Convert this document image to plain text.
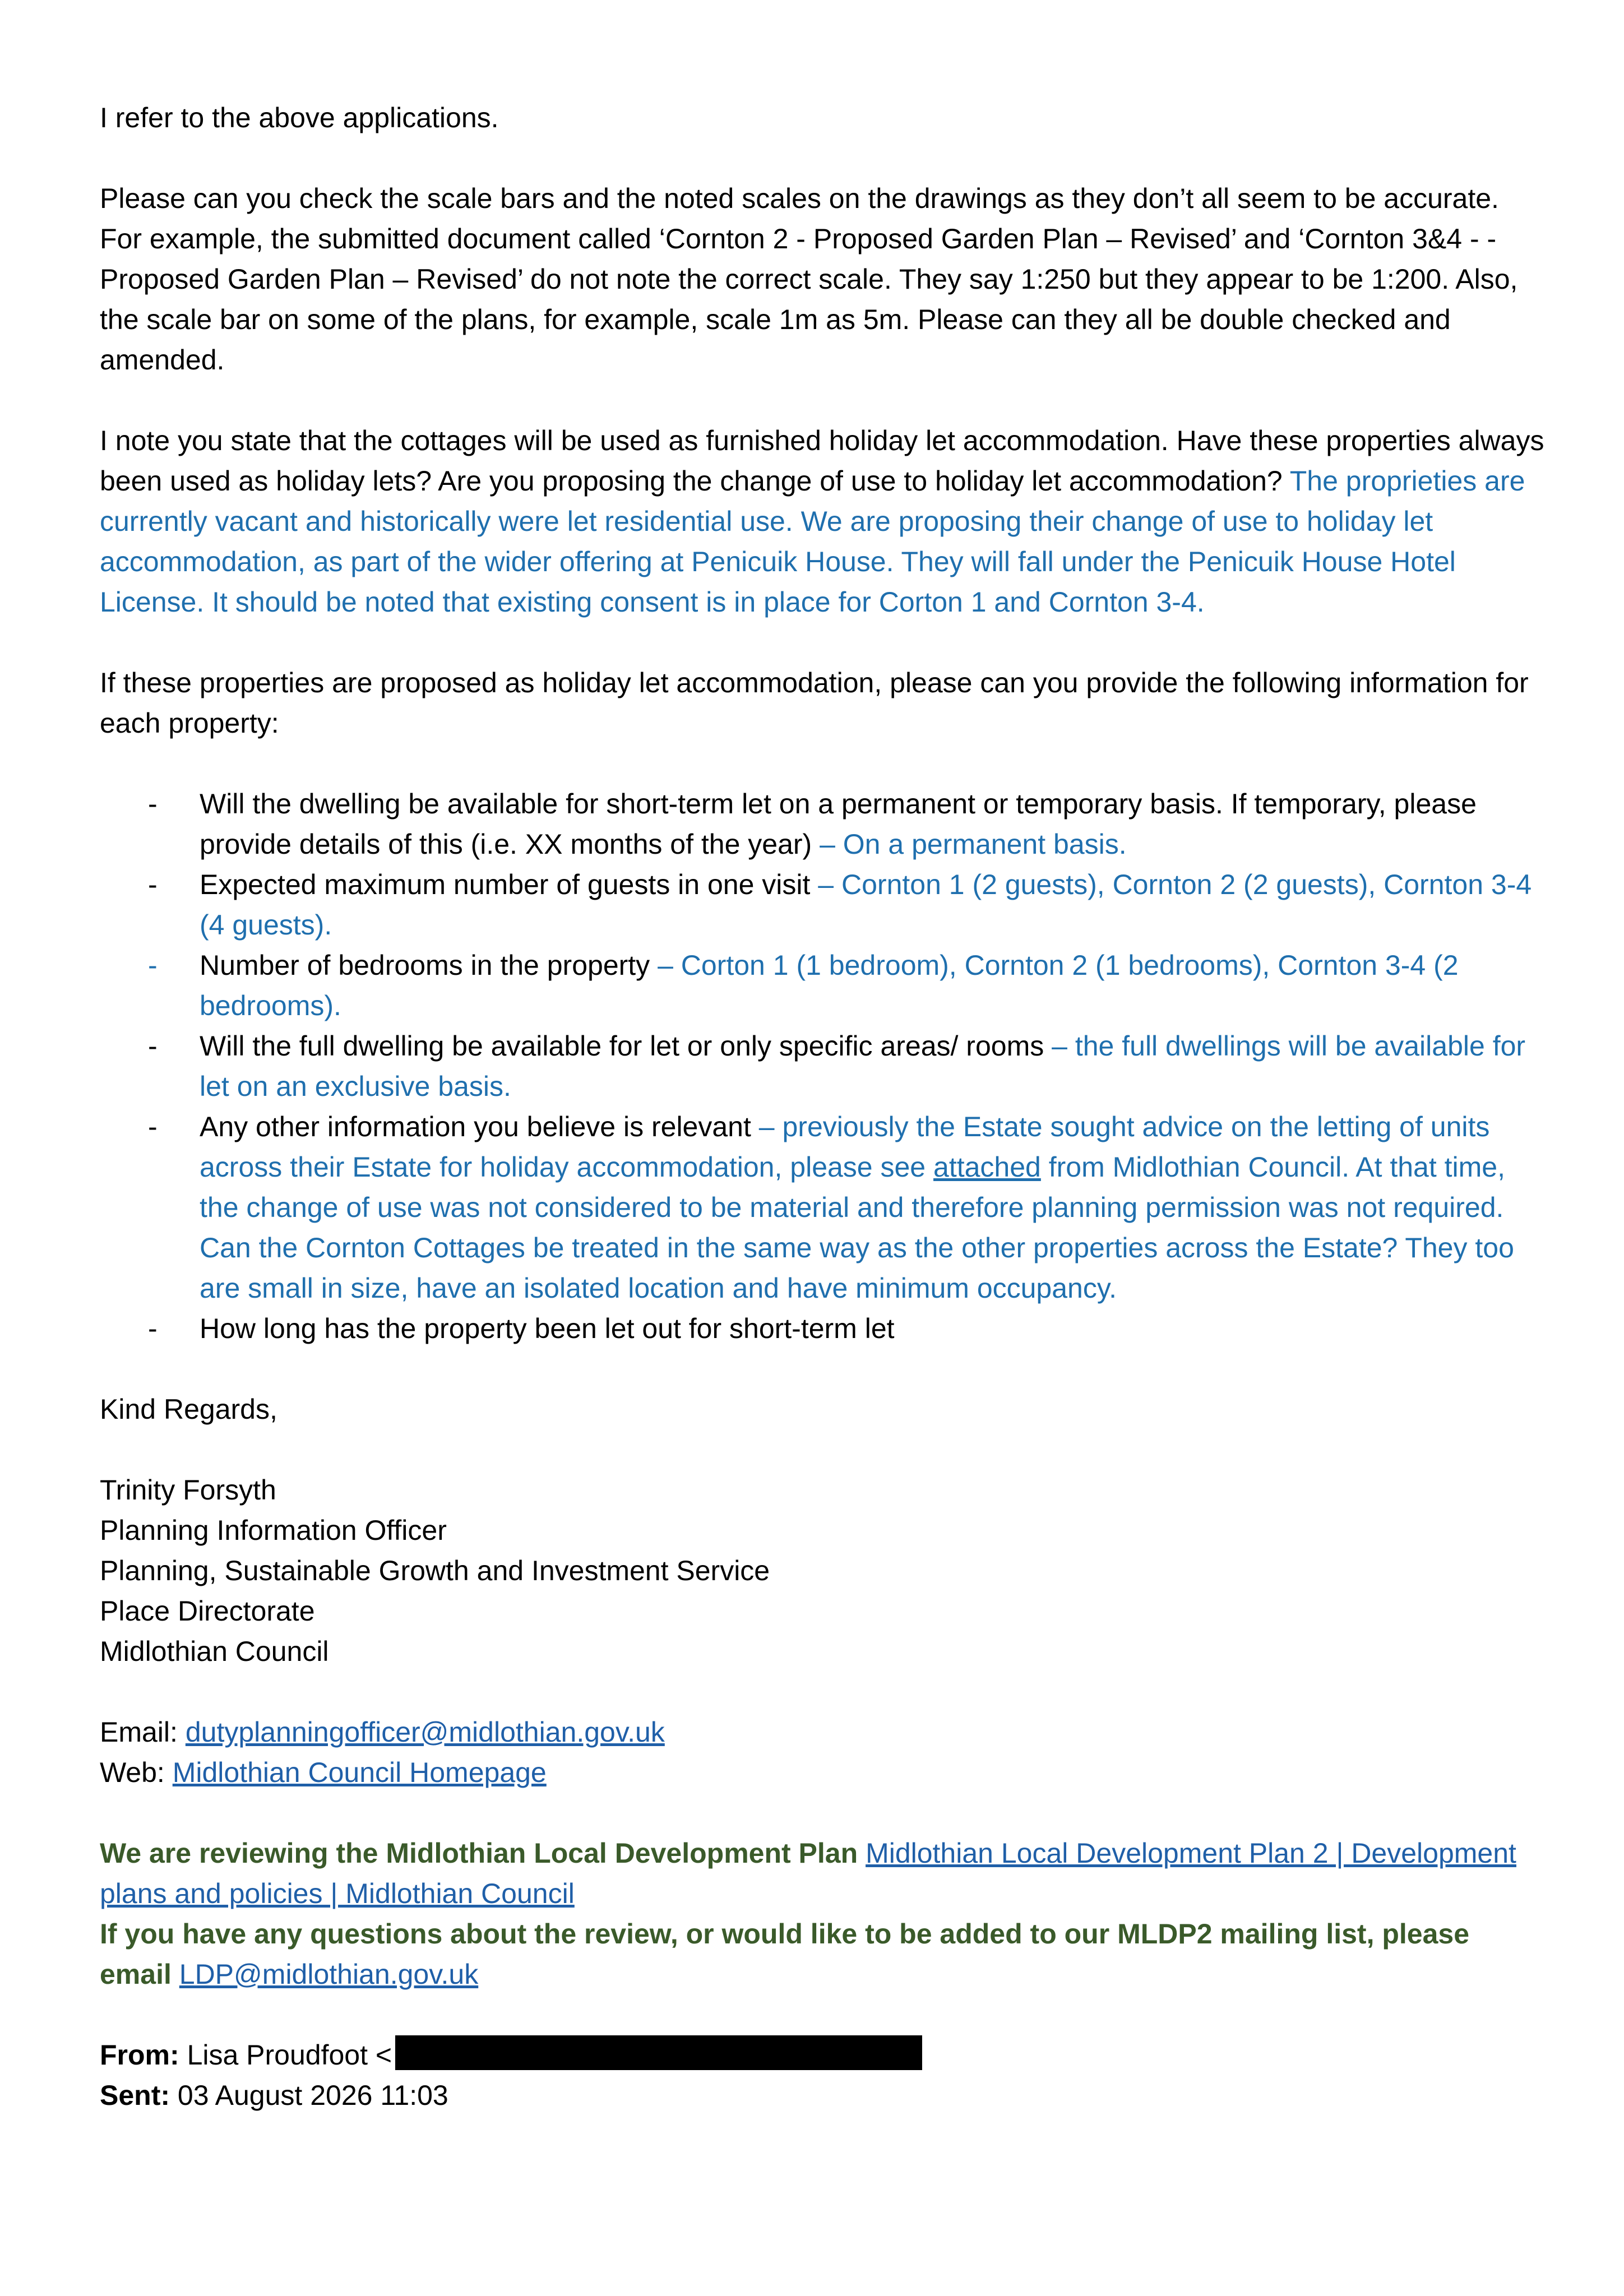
I refer to the above applications.

Please can you check the scale bars and the noted scales on the drawings as they don’t all seem to be accurate. For example, the submitted document called ‘Cornton 2 - Proposed Garden Plan – Revised’ and ‘Cornton 3&4 - - Proposed Garden Plan – Revised’ do not note the correct scale. They say 1:250 but they appear to be 1:200. Also, the scale bar on some of the plans, for example, scale 1m as 5m. Please can they all be double checked and amended.

I note you state that the cottages will be used as furnished holiday let accommodation. Have these properties always been used as holiday lets? Are you proposing the change of use to holiday let accommodation? The proprieties are currently vacant and historically were let residential use. We are proposing their change of use to holiday let accommodation, as part of the wider offering at Penicuik House. They will fall under the Penicuik House Hotel License. It should be noted that existing consent is in place for Corton 1 and Cornton 3-4.

If these properties are proposed as holiday let accommodation, please can you provide the following information for each property:

- Will the dwelling be available for short-term let on a permanent or temporary basis. If temporary, please provide details of this (i.e. XX months of the year) – On a permanent basis.
- Expected maximum number of guests in one visit – Cornton 1 (2 guests), Cornton 2 (2 guests), Cornton 3-4 (4 guests).
- Number of bedrooms in the property – Corton 1 (1 bedroom), Cornton 2 (1 bedrooms), Cornton 3-4 (2 bedrooms).
- Will the full dwelling be available for let or only specific areas/ rooms – the full dwellings will be available for let on an exclusive basis.
- Any other information you believe is relevant – previously the Estate sought advice on the letting of units across their Estate for holiday accommodation, please see attached from Midlothian Council. At that time, the change of use was not considered to be material and therefore planning permission was not required. Can the Cornton Cottages be treated in the same way as the other properties across the Estate? They too are small in size, have an isolated location and have minimum occupancy.
- How long has the property been let out for short-term let

Kind Regards,

Trinity Forsyth

Planning Information Officer

Planning, Sustainable Growth and Investment Service

Place Directorate

Midlothian Council

Email: dutyplanningofficer@midlothian.gov.uk

Web: Midlothian Council Homepage

We are reviewing the Midlothian Local Development Plan Midlothian Local Development Plan 2 | Development plans and policies | Midlothian Council

If you have any questions about the review, or would like to be added to our MLDP2 mailing list, please email LDP@midlothian.gov.uk

From: Lisa Proudfoot <

Sent: 03 August 2026 11:03
